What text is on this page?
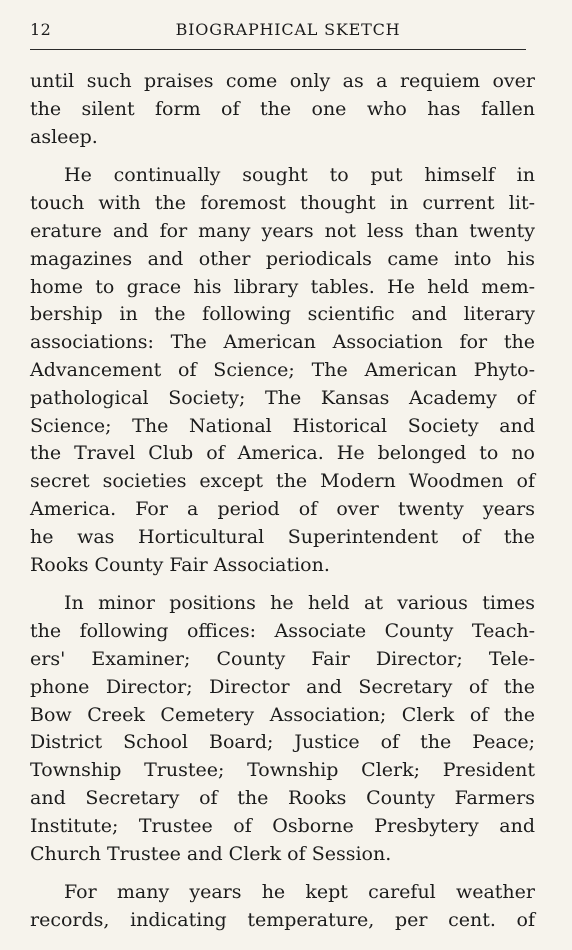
12	BIOGRAPHICAL SKETCH
until such praises come only as a requiem over
the silent form of the one who has fallen
asleep.
He continually sought to put himself in
touch with the foremost thought in current lit-
erature and for many years not less than twenty
magazines and other periodicals came into his
home to grace his library tables. He held mem-
bership in the following scientific and literary
associations: The American Association for the
Advancement of Science; The American Phyto-
pathological Society; The Kansas Academy of
Science; The National Historical Society and
the Travel Club of America. He belonged to no
secret societies except the Modern Woodmen of
America. For a period of over twenty years
he was Horticultural Superintendent of the
Rooks County Fair Association.
In minor positions he held at various times
the following offices: Associate County Teach-
ers' Examiner; County Fair Director; Tele-
phone Director; Director and Secretary of the
Bow Creek Cemetery Association; Clerk of the
District School Board; Justice of the Peace;
Township Trustee; Township Clerk; President
and Secretary of the Rooks County Farmers
Institute; Trustee of Osborne Presbytery and
Church Trustee and Clerk of Session.
For many years he kept careful weather
records, indicating temperature, per cent. of
